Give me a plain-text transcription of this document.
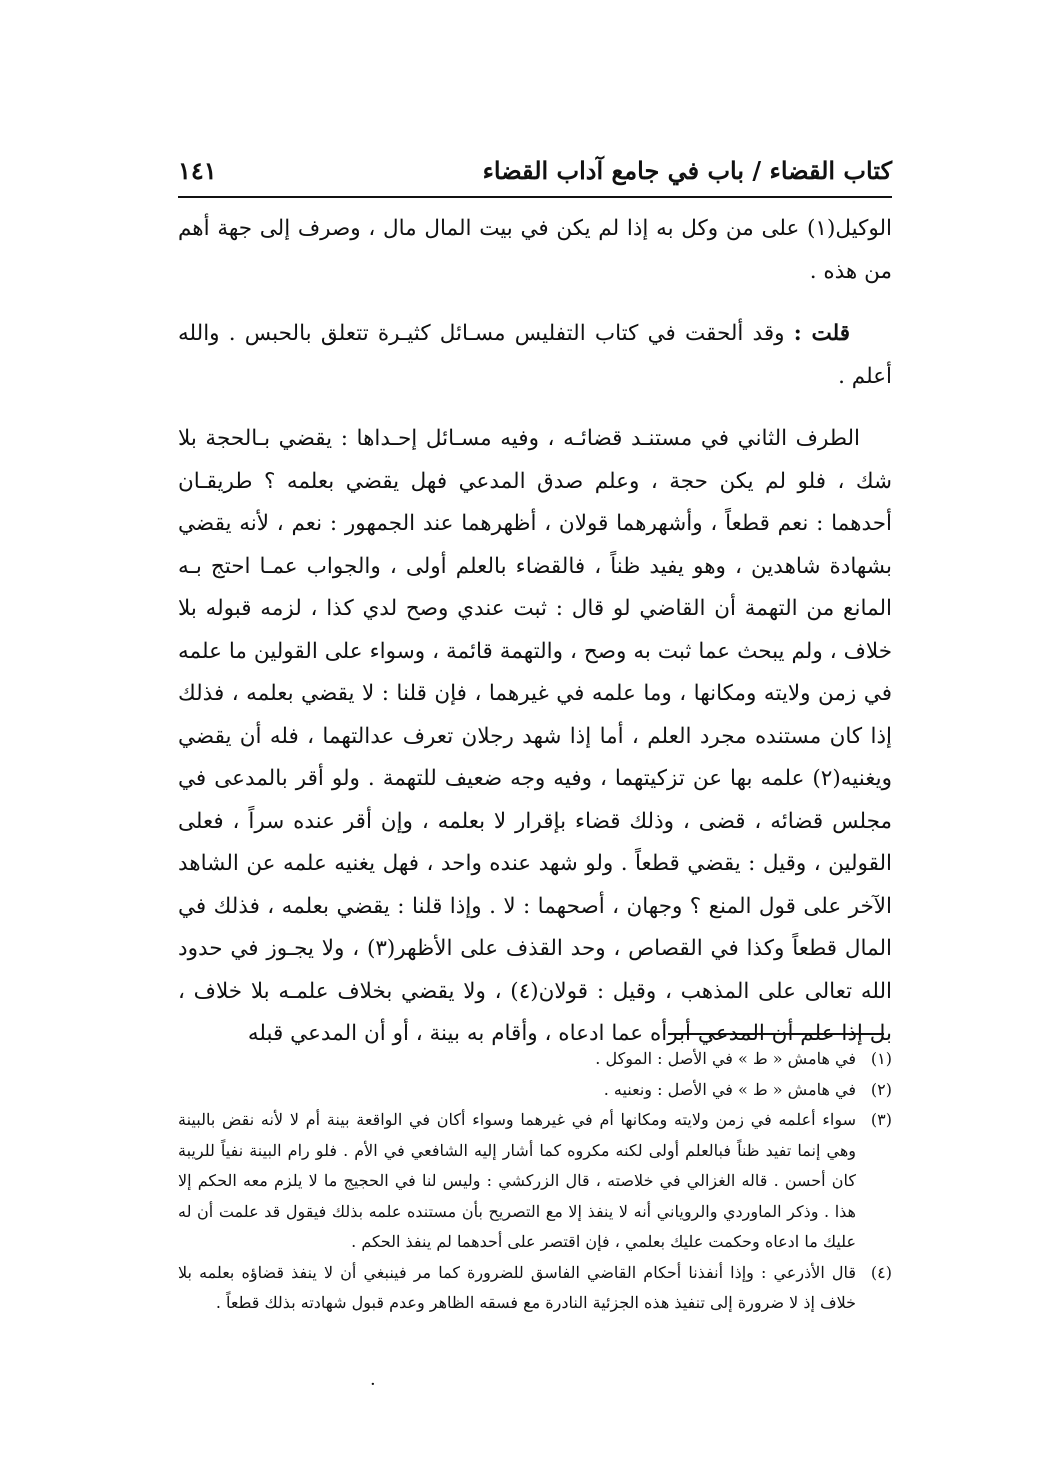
كتاب القضاء / باب في جامع آداب القضاء
١٤١

الوكيل(١) على من وكل به إذا لم يكن في بيت المال مال ، وصرف إلى جهة أهم من هذه .

قلت : وقد ألحقت في كتاب التفليس مسـائل كثيـرة تتعلق بالحبس . والله أعلم .

الطرف الثاني في مستنـد قضائـه ، وفيه مسـائل إحـداها : يقضي بـالحجة بلا شك ، فلو لم يكن حجة ، وعلم صدق المدعي فهل يقضي بعلمه ؟ طريقـان أحدهما : نعم قطعاً ، وأشهرهما قولان ، أظهرهما عند الجمهور : نعم ، لأنه يقضي بشهادة شاهدين ، وهو يفيد ظناً ، فالقضاء بالعلم أولى ، والجواب عمـا احتج بـه المانع من التهمة أن القاضي لو قال : ثبت عندي وصح لدي كذا ، لزمه قبوله بلا خلاف ، ولم يبحث عما ثبت به وصح ، والتهمة قائمة ، وسواء على القولين ما علمه في زمن ولايته ومكانها ، وما علمه في غيرهما ، فإن قلنا : لا يقضي بعلمه ، فذلك إذا كان مستنده مجرد العلم ، أما إذا شهد رجلان تعرف عدالتهما ، فله أن يقضي ويغنيه(٢) علمه بها عن تزكيتهما ، وفيه وجه ضعيف للتهمة . ولو أقر بالمدعى في مجلس قضائه ، قضى ، وذلك قضاء بإقرار لا بعلمه ، وإن أقر عنده سراً ، فعلى القولين ، وقيل : يقضي قطعاً . ولو شهد عنده واحد ، فهل يغنيه علمه عن الشاهد الآخر على قول المنع ؟ وجهان ، أصحهما : لا . وإذا قلنا : يقضي بعلمه ، فذلك في المال قطعاً وكذا في القصاص ، وحد القذف على الأظهر(٣) ، ولا يجـوز في حدود الله تعالى على المذهب ، وقيل : قولان(٤) ، ولا يقضي بخلاف علمـه بلا خلاف ، بل إذا علم أن المدعي أبرأه عما ادعاه ، وأقام به بينة ، أو أن المدعي قبله

(١)
في هامش « ط » في الأصل : الموكل .
(٢)
في هامش « ط » في الأصل : ونعنيه .
(٣)
سواء أعلمه في زمن ولايته ومكانها أم في غيرهما وسواء أكان في الواقعة بينة أم لا لأنه نقض بالبينة وهي إنما تفيد ظناً فبالعلم أولى لكنه مكروه كما أشار إليه الشافعي في الأم . فلو رام البينة نفياً للريبة كان أحسن . قاله الغزالي في خلاصته ، قال الزركشي : وليس لنا في الحجيج ما لا يلزم معه الحكم إلا هذا . وذكر الماوردي والروياني أنه لا ينفذ إلا مع التصريح بأن مستنده علمه بذلك فيقول قد علمت أن له عليك ما ادعاه وحكمت عليك بعلمي ، فإن اقتصر على أحدهما لم ينفذ الحكم .
(٤)
قال الأذرعي : وإذا أنفذنا أحكام القاضي الفاسق للضرورة كما مر فينبغي أن لا ينفذ قضاؤه بعلمه بلا خلاف إذ لا ضرورة إلى تنفيذ هذه الجزئية النادرة مع فسقه الظاهر وعدم قبول شهادته بذلك قطعاً .
·
